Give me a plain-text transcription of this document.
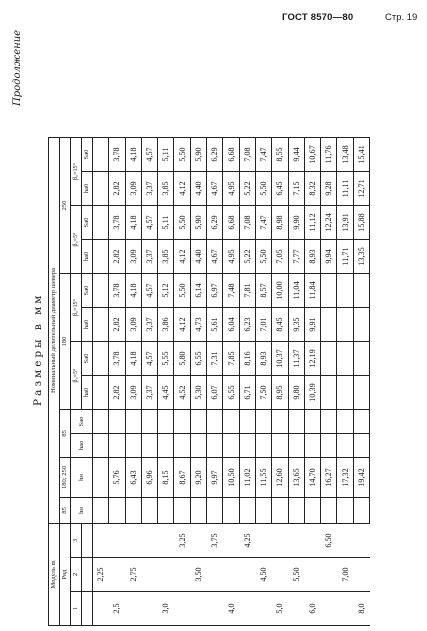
ГОСТ 8570—80	Стр. 19
Продолжение
Размеры в мм
Модуль m			Номинальный делительный диаметр шевера											
Ряд			85	180; 250	85		180				250			
			hн	hн	hао	Sао	β₀=5°		β₀=15°		β₀=5°		β₀=15°	
1	2	3												
							ha0	Sa0	ha0	Sa0	ha0	Sa0	ha0	Sa0
	2,25													
2,5				5,76			2,82	3,78	2,82	3,78	2,82	3,78	2,82	3,78
	2,75			6,43			3,09	4,18	3,09	4,18	3,09	4,18	3,09	4,18
				6,96			3,37	4,57	3,37	4,57	3,37	4,57	3,37	4,57
3,0				8,15			4,45	5,55	3,86	5,12	3,85	5,11	3,85	5,11
		3,25		8,67			4,52	5,80	4,12	5,50	4,12	5,50	4,12	5,50
	3,50			9,20			5,30	6,55	4,73	6,14	4,40	5,90	4,40	5,90
		3,75		9,97			6,07	7,31	5,61	6,97	4,67	6,29	4,67	6,29
4,0				10,50			6,55	7,85	6,04	7,48	4,95	6,68	4,95	6,68
		4,25		11,02			6,71	8,16	6,23	7,81	5,22	7,08	5,22	7,08
	4,50			11,55			7,50	8,93	7,01	8,57	5,50	7,47	5,50	7,47
5,0				12,60			8,95	10,37	8,45	10,00	7,05	8,98	6,45	8,55
	5,50			13,65			9,80	11,37	9,35	11,04	7,77	9,90	7,15	9,44
6,0				14,70			10,39	12,19	9,91	11,84	8,93	11,12	8,32	10,67
		6,50		16,27							9,94	12,24	9,28	11,76
	7,00			17,32							11,71	13,91	11,11	13,48
8,0				19,42							13,35	15,88	12,71	15,41
